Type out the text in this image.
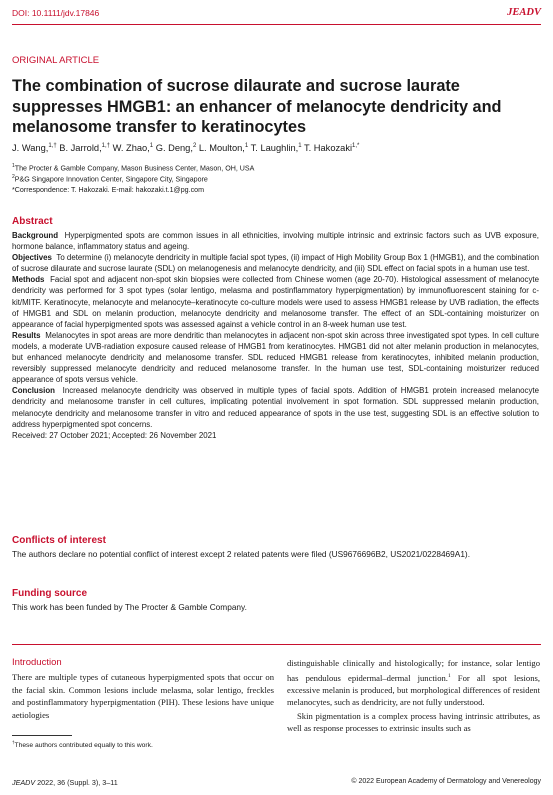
DOI: 10.1111/jdv.17846	JEADV
ORIGINAL ARTICLE
The combination of sucrose dilaurate and sucrose laurate suppresses HMGB1: an enhancer of melanocyte dendricity and melanosome transfer to keratinocytes
J. Wang,$^{1,\dagger}$ B. Jarrold,$^{1,\dagger}$ W. Zhao,$^1$ G. Deng,$^2$ L. Moulton,$^1$ T. Laughlin,$^1$ T. Hakozaki$^{1,*}$
$^1$The Procter & Gamble Company, Mason Business Center, Mason, OH, USA
$^2$P&G Singapore Innovation Center, Singapore City, Singapore
*Correspondence: T. Hakozaki. E-mail: hakozaki.t.1@pg.com
Abstract

Background Hyperpigmented spots are common issues in all ethnicities, involving multiple intrinsic and extrinsic factors such as UVB exposure, hormone balance, inflammatory status and ageing.

Objectives To determine (i) melanocyte dendricity in multiple facial spot types, (ii) impact of High Mobility Group Box 1 (HMGB1), and the combination of sucrose dilaurate and sucrose laurate (SDL) on melanogenesis and melanocyte dendricity, and (iii) SDL effect on facial spots in a human use test.

Methods Facial spot and adjacent non-spot skin biopsies were collected from Chinese women (age 20-70). Histological assessment of melanocyte dendricity was performed for 3 spot types (solar lentigo, melasma and postinflammatory hyperpigmentation) by immunofluorescent staining for c-kit/MITF. Keratinocyte, melanocyte and melanocyte–keratinocyte co-culture models were used to assess HMGB1 release by UVB radiation, the effects of HMGB1 and SDL on melanin production, melanocyte dendricity and melanosome transfer. The effect of an SDL-containing moisturizer on appearance of facial hyperpigmented spots was assessed against a vehicle control in an 8-week human use test.

Results Melanocytes in spot areas are more dendritic than melanocytes in adjacent non-spot skin across three investigated spot types. In cell culture models, a moderate UVB-radiation exposure caused release of HMGB1 from keratinocytes. HMGB1 did not alter melanin production in melanocytes, but enhanced melanocyte dendricity and melanosome transfer. SDL reduced HMGB1 release from keratinocytes, inhibited melanin production, reversibly suppressed melanocyte dendricity and reduced melanosome transfer. In the human use test, SDL-containing moisturizer reduced appearance of spots versus vehicle.

Conclusion Increased melanocyte dendricity was observed in multiple types of facial spots. Addition of HMGB1 protein increased melanocyte dendricity and melanosome transfer in cell cultures, implicating potential involvement in spot formation. SDL suppressed melanin production, melanocyte dendricity and melanosome transfer in vitro and reduced appearance of spots in the use test, suggesting SDL is an effective solution to address hyperpigmented spot concerns.

Received: 27 October 2021; Accepted: 26 November 2021

Conflicts of interest
The authors declare no potential conflict of interest except 2 related patents were filed (US9676696B2, US2021/0228469A1).
Funding source
This work has been funded by The Procter & Gamble Company.
Introduction

There are multiple types of cutaneous hyperpigmented spots that occur on the facial skin. Common lesions include melasma, solar lentigo, freckles and postinflammatory hyperpigmentation (PIH). These lesions have unique aetiologies

distinguishable clinically and histologically; for instance, solar lentigo has pendulous epidermal–dermal junction.$^1$ For all spot lesions, excessive melanin is produced, but morphological differences of resident melanocytes, such as dendricity, are not fully understood.

Skin pigmentation is a complex process having intrinsic attributes, as well as response processes to extrinsic insults such as

†These authors contributed equally to this work.
JEADV 2022, 36 (Suppl. 3), 3–11	© 2022 European Academy of Dermatology and Venereology
